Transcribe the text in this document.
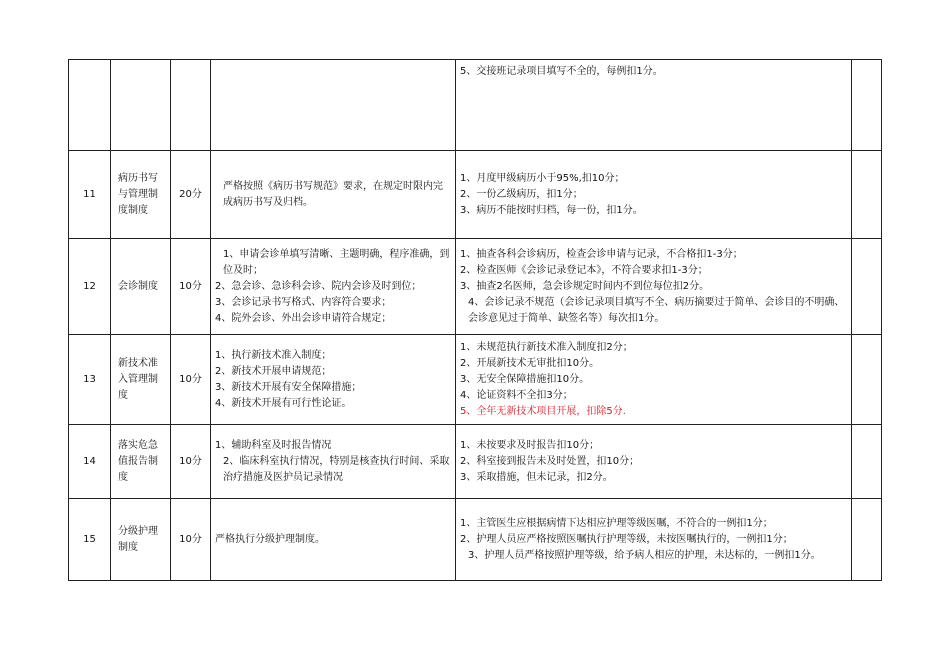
				5、交接班记录项目填写不全的，每例扣1分。	

11	病历书写与管理制度制度	20分	严格按照《病历书写规范》要求，在规定时限内完成病历书写及归档。	1、月度甲级病历小于95%,扣10分；
2、一份乙级病历，扣1分；
3、病历不能按时归档，每一份，扣1分。	

12	会诊制度	10分	1、申请会诊单填写清晰、主题明确，程序准确，到位及时；
2、急会诊、急诊科会诊、院内会诊及时到位；
3、会诊记录书写格式、内容符合要求；
4、院外会诊、外出会诊申请符合规定；	1、抽查各科会诊病历，检查会诊申请与记录，不合格扣1-3分；
2、检查医师《会诊记录登记本》，不符合要求扣1-3分；
3、抽查2名医师，急会诊规定时间内不到位每位扣2分。
4、会诊记录不规范（会诊记录项目填写不全、病历摘要过于简单、会诊目的不明确、会诊意见过于简单、缺签名等）每次扣1分。	

13	新技术准入管理制度	10分	1、执行新技术准入制度；
2、新技术开展申请规范；
3、新技术开展有安全保障措施；
4、新技术开展有可行性论证。	1、未规范执行新技术准入制度扣2分；
2、开展新技术无审批扣10分。
3、无安全保障措施扣10分。
4、论证资料不全扣3分；
5、全年无新技术项目开展，扣除5分.	

14	落实危急值报告制度	10分	1、辅助科室及时报告情况
2、临床科室执行情况，特别是核查执行时间、采取治疗措施及医护员记录情况	1、未按要求及时报告扣10分；
2、科室接到报告未及时处置，扣10分；
3、采取措施，但未记录，扣2分。	

15	分级护理制度	10分	严格执行分级护理制度。	1、主管医生应根据病情下达相应护理等级医嘱，不符合的一例扣1分；
2、护理人员应严格按照医嘱执行护理等级，未按医嘱执行的，一例扣1分；
3、护理人员严格按照护理等级，给予病人相应的护理，未达标的，一例扣1分。	
